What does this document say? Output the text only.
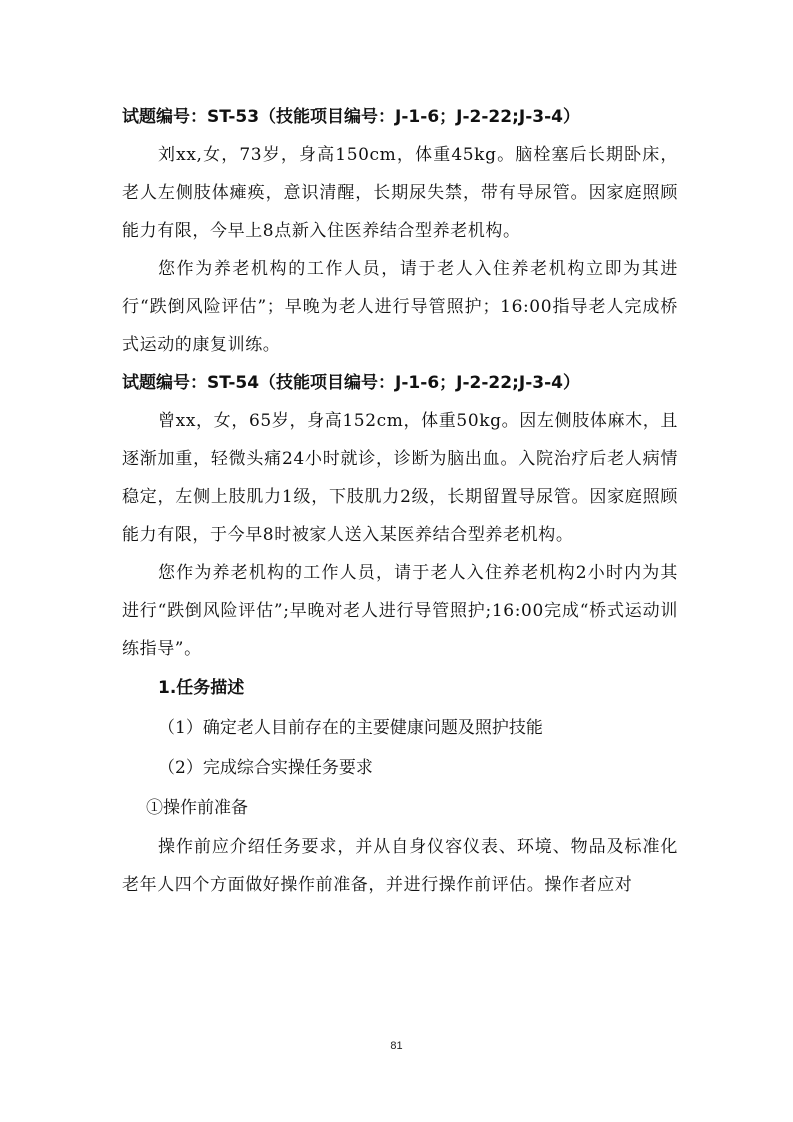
试题编号：ST-53（技能项目编号：J-1-6；J-2-22;J-3-4）

刘xx,女，73岁，身高150cm，体重45kg。脑栓塞后长期卧床，老人左侧肢体瘫痪，意识清醒，长期尿失禁，带有导尿管。因家庭照顾能力有限，今早上8点新入住医养结合型养老机构。

您作为养老机构的工作人员，请于老人入住养老机构立即为其进行“跌倒风险评估”；早晚为老人进行导管照护；16:00指导老人完成桥式运动的康复训练。

试题编号：ST-54（技能项目编号：J-1-6；J-2-22;J-3-4）

曾xx，女，65岁，身高152cm，体重50kg。因左侧肢体麻木，且逐渐加重，轻微头痛24小时就诊，诊断为脑出血。入院治疗后老人病情稳定，左侧上肢肌力1级，下肢肌力2级，长期留置导尿管。因家庭照顾能力有限，于今早8时被家人送入某医养结合型养老机构。

您作为养老机构的工作人员，请于老人入住养老机构2小时内为其进行“跌倒风险评估”;早晚对老人进行导管照护;16:00完成“桥式运动训练指导”。

1.任务描述

（1）确定老人目前存在的主要健康问题及照护技能

（2）完成综合实操任务要求

①操作前准备

操作前应介绍任务要求，并从自身仪容仪表、环境、物品及标准化老年人四个方面做好操作前准备，并进行操作前评估。操作者应对

81
